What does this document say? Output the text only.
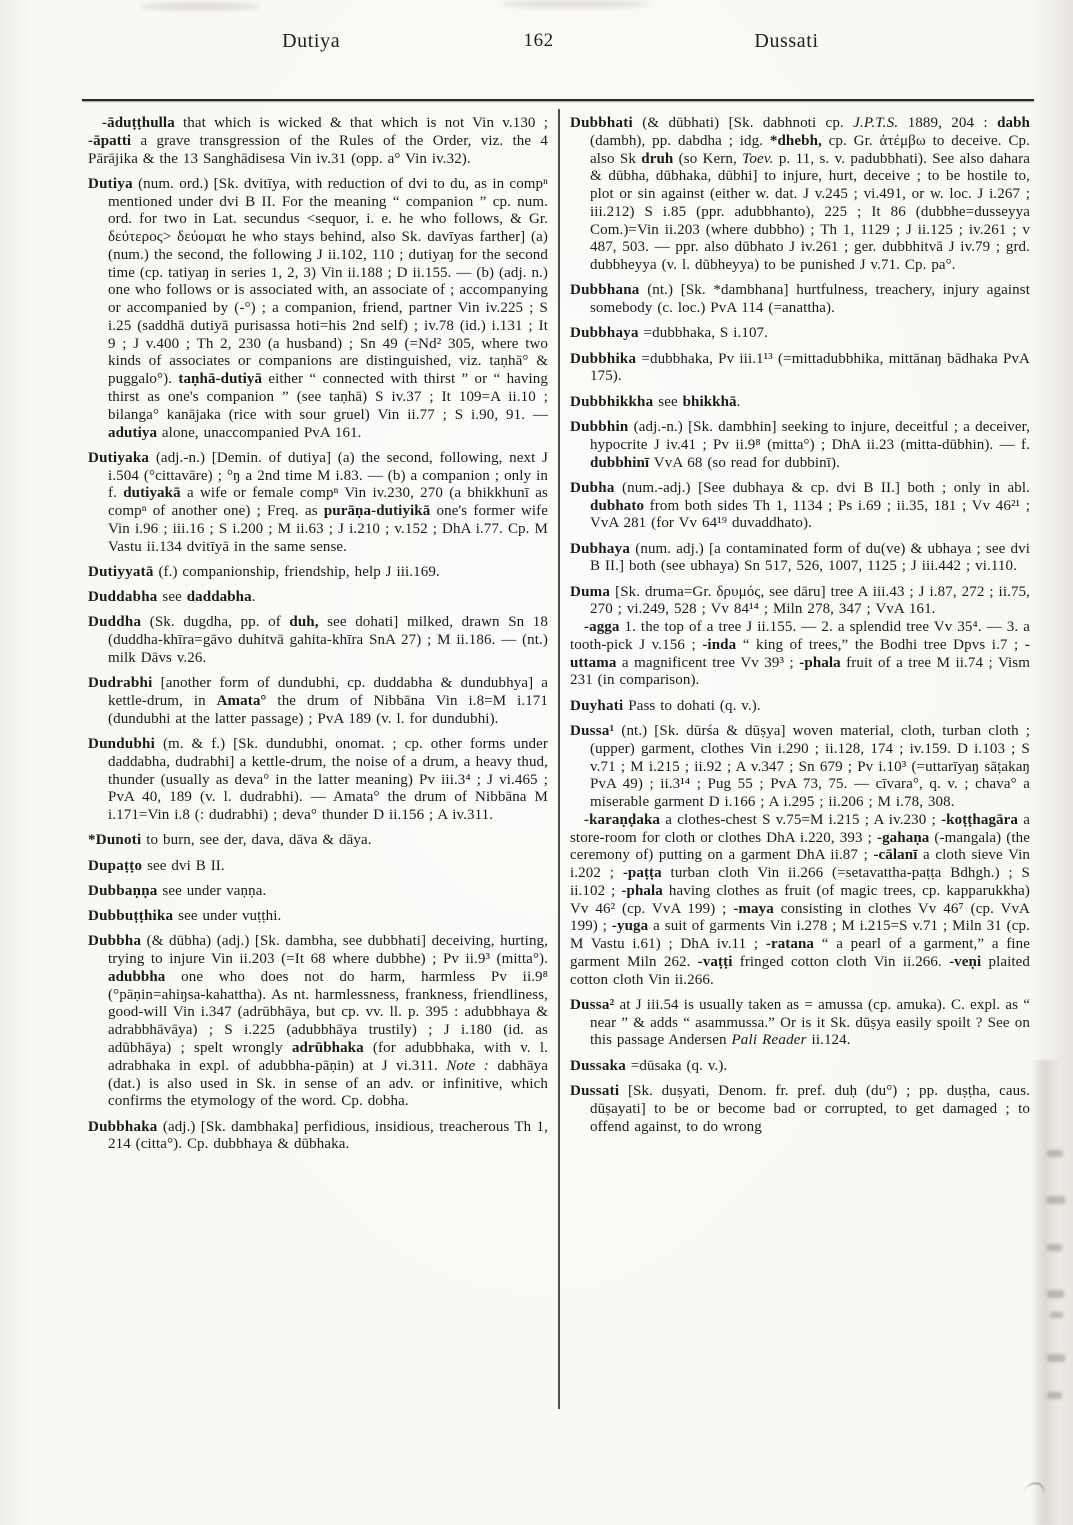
Dutiya	162	Dussati

-āduṭṭhulla that which is wicked & that which is not Vin v.130 ; -āpatti a grave transgression of the Rules of the Order, viz. the 4 Pārājika & the 13 Sanghādisesa Vin iv.31 (opp. a° Vin iv.32).

Dutiya (num. ord.) [Sk. dvitīya, with reduction of dvi to du, as in compⁿ mentioned under dvi B II. For the meaning “ companion ” cp. num. ord. for two in Lat. secundus <sequor, i. e. he who follows, & Gr. δεύτερος> δεύομαι he who stays behind, also Sk. davīyas farther] (a) (num.) the second, the following J ii.102, 110 ; dutiyaŋ for the second time (cp. tatiyaŋ in series 1, 2, 3) Vin ii.188 ; D ii.155. — (b) (adj. n.) one who follows or is associated with, an associate of ; accompanying or accompanied by (-°) ; a companion, friend, partner Vin iv.225 ; S i.25 (saddhā dutiyā purisassa hoti=his 2nd self) ; iv.78 (id.) i.131 ; It 9 ; J v.400 ; Th 2, 230 (a husband) ; Sn 49 (=Nd² 305, where two kinds of associates or companions are distinguished, viz. taṇhā° & puggalo°). taṇhā-dutiyā either “ connected with thirst ” or “ having thirst as one's companion ” (see taṇhā) S iv.37 ; It 109=A ii.10 ; bilanga° kanājaka (rice with sour gruel) Vin ii.77 ; S i.90, 91. — adutiya alone, unaccompanied PvA 161.

Dutiyaka (adj.-n.) [Demin. of dutiya] (a) the second, following, next J i.504 (°cittavāre) ; °ŋ a 2nd time M i.83. — (b) a companion ; only in f. dutiyakā a wife or female compⁿ Vin iv.230, 270 (a bhikkhunī as compⁿ of another one) ; Freq. as purāṇa-dutiyikā one's former wife Vin i.96 ; iii.16 ; S i.200 ; M ii.63 ; J i.210 ; v.152 ; DhA i.77. Cp. M Vastu ii.134 dvitīyā in the same sense.

Dutiyyatā (f.) companionship, friendship, help J iii.169.

Duddabha see daddabha.

Duddha (Sk. dugdha, pp. of duh, see dohati] milked, drawn Sn 18 (duddha-khīra=gāvo duhitvā gahita-khīra SnA 27) ; M ii.186. — (nt.) milk Dāvs v.26.

Dudrabhi [another form of dundubhi, cp. duddabha & dundubhya] a kettle-drum, in Amata° the drum of Nibbāna Vin i.8=M i.171 (dundubhi at the latter passage) ; PvA 189 (v. l. for dundubhi).

Dundubhi (m. & f.) [Sk. dundubhi, onomat. ; cp. other forms under daddabha, dudrabhi] a kettle-drum, the noise of a drum, a heavy thud, thunder (usually as deva° in the latter meaning) Pv iii.3⁴ ; J vi.465 ; PvA 40, 189 (v. l. dudrabhi). — Amata° the drum of Nibbāna M i.171=Vin i.8 (: dudrabhi) ; deva° thunder D ii.156 ; A iv.311.

*Dunoti to burn, see der, dava, dāva & dāya.

Dupaṭṭo see dvi B II.

Dubbaṇṇa see under vaṇṇa.

Dubbuṭṭhika see under vuṭṭhi.

Dubbha (& dūbha) (adj.) [Sk. dambha, see dubbhati] deceiving, hurting, trying to injure Vin ii.203 (=It 68 where dubbhe) ; Pv ii.9³ (mitta°). adubbha one who does not do harm, harmless Pv ii.9⁸ (°pāṇin=ahiŋsa-kahattha). As nt. harmlessness, frankness, friendliness, good-will Vin i.347 (adrūbhāya, but cp. vv. ll. p. 395 : adubbhaya & adrabbhāvāya) ; S i.225 (adubbhāya trustily) ; J i.180 (id. as adūbhāya) ; spelt wrongly adrūbhaka (for adubbhaka, with v. l. adrabhaka in expl. of adubbha-pāṇin) at J vi.311. Note : dabhāya (dat.) is also used in Sk. in sense of an adv. or infinitive, which confirms the etymology of the word. Cp. dobha.

Dubbhaka (adj.) [Sk. dambhaka] perfidious, insidious, treacherous Th 1, 214 (citta°). Cp. dubbhaya & dūbhaka.

Dubbhati (& dūbhati) [Sk. dabhnoti cp. J.P.T.S. 1889, 204 : dabh (dambh), pp. dabdha ; idg. *dhebh, cp. Gr. ἀτέμβω to deceive. Cp. also Sk druh (so Kern, Toev. p. 11, s. v. padubbhati). See also dahara & dūbha, dūbhaka, dūbhi] to injure, hurt, deceive ; to be hostile to, plot or sin against (either w. dat. J v.245 ; vi.491, or w. loc. J i.267 ; iii.212) S i.85 (ppr. adubbhanto), 225 ; It 86 (dubbhe=dusseyya Com.)=Vin ii.203 (where dubbho) ; Th 1, 1129 ; J ii.125 ; iv.261 ; v 487, 503. — ppr. also dūbhato J iv.261 ; ger. dubbhitvā J iv.79 ; grd. dubbheyya (v. l. dūbheyya) to be punished J v.71. Cp. pa°.

Dubbhana (nt.) [Sk. *dambhana] hurtfulness, treachery, injury against somebody (c. loc.) PvA 114 (=anattha).

Dubbhaya =dubbhaka, S i.107.

Dubbhika =dubbhaka, Pv iii.1¹³ (=mittadubbhika, mittānaŋ bādhaka PvA 175).

Dubbhikkha see bhikkhā.

Dubbhin (adj.-n.) [Sk. dambhin] seeking to injure, deceitful ; a deceiver, hypocrite J iv.41 ; Pv ii.9⁸ (mitta°) ; DhA ii.23 (mitta-dūbhin). — f. dubbhinī VvA 68 (so read for dubbinī).

Dubha (num.-adj.) [See dubhaya & cp. dvi B II.] both ; only in abl. dubhato from both sides Th 1, 1134 ; Ps i.69 ; ii.35, 181 ; Vv 46²¹ ; VvA 281 (for Vv 64¹⁹ duvaddhato).

Dubhaya (num. adj.) [a contaminated form of du(ve) & ubhaya ; see dvi B II.] both (see ubhaya) Sn 517, 526, 1007, 1125 ; J iii.442 ; vi.110.

Duma [Sk. druma=Gr. δρυμός, see dāru] tree A iii.43 ; J i.87, 272 ; ii.75, 270 ; vi.249, 528 ; Vv 84¹⁴ ; Miln 278, 347 ; VvA 161.

-agga 1. the top of a tree J ii.155. — 2. a splendid tree Vv 35⁴. — 3. a tooth-pick J v.156 ; -inda “ king of trees,” the Bodhi tree Dpvs i.7 ; -uttama a magnificent tree Vv 39³ ; -phala fruit of a tree M ii.74 ; Vism 231 (in comparison).

Duyhati Pass to dohati (q. v.).

Dussa¹ (nt.) [Sk. dūrśa & dūṣya] woven material, cloth, turban cloth ; (upper) garment, clothes Vin i.290 ; ii.128, 174 ; iv.159. D i.103 ; S v.71 ; M i.215 ; ii.92 ; A v.347 ; Sn 679 ; Pv i.10³ (=uttarīyaŋ sāṭakaŋ PvA 49) ; ii.3¹⁴ ; Pug 55 ; PvA 73, 75. — cīvara°, q. v. ; chava° a miserable garment D i.166 ; A i.295 ; ii.206 ; M i.78, 308.

-karaṇḍaka a clothes-chest S v.75=M i.215 ; A iv.230 ; -koṭṭhagāra a store-room for cloth or clothes DhA i.220, 393 ; -gahaṇa (-mangala) (the ceremony of) putting on a garment DhA ii.87 ; -cālanī a cloth sieve Vin i.202 ; -paṭṭa turban cloth Vin ii.266 (=setavattha-paṭṭa Bdhgh.) ; S ii.102 ; -phala having clothes as fruit (of magic trees, cp. kapparukkha) Vv 46² (cp. VvA 199) ; -maya consisting in clothes Vv 46⁷ (cp. VvA 199) ; -yuga a suit of garments Vin i.278 ; M i.215=S v.71 ; Miln 31 (cp. M Vastu i.61) ; DhA iv.11 ; -ratana “ a pearl of a garment,” a fine garment Miln 262. -vaṭṭi fringed cotton cloth Vin ii.266. -veṇi plaited cotton cloth Vin ii.266.

Dussa² at J iii.54 is usually taken as = amussa (cp. amuka). C. expl. as “ near ” & adds “ asammussa.” Or is it Sk. dūṣya easily spoilt ? See on this passage Andersen Pali Reader ii.124.

Dussaka =dūsaka (q. v.).

Dussati [Sk. duṣyati, Denom. fr. pref. duḥ (du°) ; pp. duṣṭha, caus. dūṣayati] to be or become bad or corrupted, to get damaged ; to offend against, to do wrong
